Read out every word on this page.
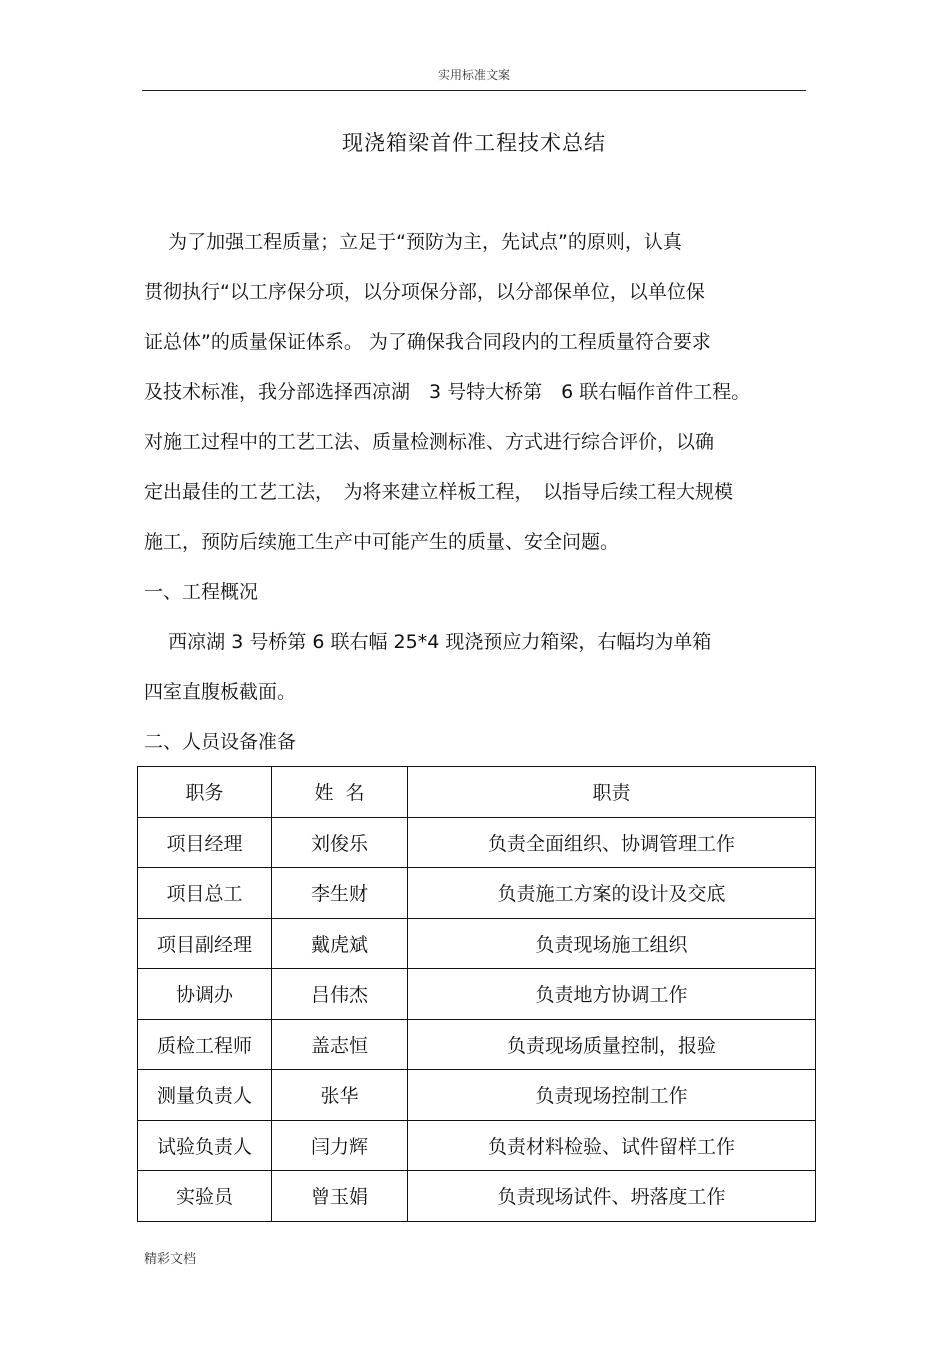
实用标准文案
现浇箱梁首件工程技术总结
为了加强工程质量；立足于“预防为主，先试点”的原则，认真
贯彻执行“以工序保分项，以分项保分部，以分部保单位，以单位保
证总体”的质量保证体系。 为了确保我合同段内的工程质量符合要求
及技术标准，我分部选择西凉湖　3 号特大桥第　6 联右幅作首件工程。
对施工过程中的工艺工法、质量检测标准、方式进行综合评价，以确
定出最佳的工艺工法，　为将来建立样板工程，　以指导后续工程大规模
施工，预防后续施工生产中可能产生的质量、安全问题。
一、工程概况
西凉湖 3 号桥第 6 联右幅 25*4 现浇预应力箱梁，右幅均为单箱
四室直腹板截面。
二、人员设备准备
职务	姓  名	职责
项目经理	刘俊乐	负责全面组织、协调管理工作
项目总工	李生财	负责施工方案的设计及交底
项目副经理	戴虎斌	负责现场施工组织
协调办	吕伟杰	负责地方协调工作
质检工程师	盖志恒	负责现场质量控制，报验
测量负责人	张华	负责现场控制工作
试验负责人	闫力辉	负责材料检验、试件留样工作
实验员	曾玉娟	负责现场试件、坍落度工作
精彩文档
